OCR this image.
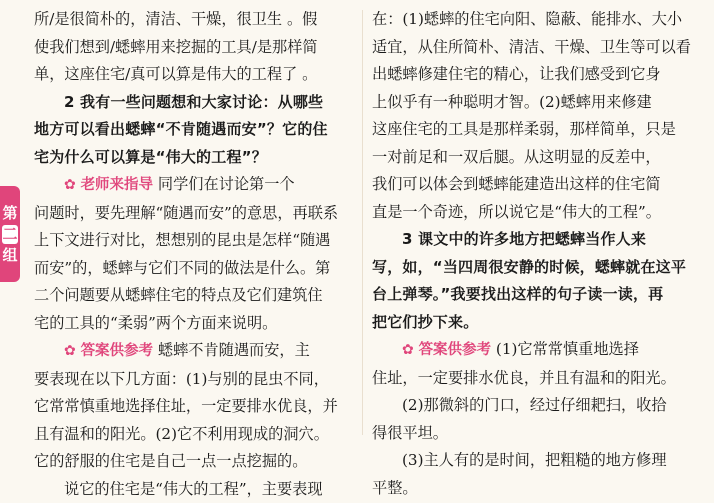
第
二
组
所/是很简朴的，清洁、干燥，很卫生 。假
使我们想到/蟋蟀用来挖掘的工具/是那样简
单，这座住宅/真可以算是伟大的工程了 。
2 我有一些问题想和大家讨论：从哪些
地方可以看出蟋蟀“不肯随遇而安”？它的住
宅为什么可以算是“伟大的工程”？
✿ 老师来指导 同学们在讨论第一个
问题时，要先理解“随遇而安”的意思，再联系
上下文进行对比，想想别的昆虫是怎样“随遇
而安”的，蟋蟀与它们不同的做法是什么。第
二个问题要从蟋蟀住宅的特点及它们建筑住
宅的工具的“柔弱”两个方面来说明。
✿ 答案供参考 蟋蟀不肯随遇而安，主
要表现在以下几方面：(1)与别的昆虫不同，
它常常慎重地选择住址，一定要排水优良，并
且有温和的阳光。(2)它不利用现成的洞穴。
它的舒服的住宅是自己一点一点挖掘的。
说它的住宅是“伟大的工程”，主要表现
在：(1)蟋蟀的住宅向阳、隐蔽、能排水、大小
适宜，从住所简朴、清洁、干燥、卫生等可以看
出蟋蟀修建住宅的精心，让我们感受到它身
上似乎有一种聪明才智。(2)蟋蟀用来修建
这座住宅的工具是那样柔弱，那样简单，只是
一对前足和一双后腿。从这明显的反差中，
我们可以体会到蟋蟀能建造出这样的住宅简
直是一个奇迹，所以说它是“伟大的工程”。
3 课文中的许多地方把蟋蟀当作人来
写，如，“当四周很安静的时候，蟋蟀就在这平
台上弹琴。”我要找出这样的句子读一读，再
把它们抄下来。
✿ 答案供参考 (1)它常常慎重地选择
住址，一定要排水优良，并且有温和的阳光。
(2)那微斜的门口，经过仔细耙扫，收拾
得很平坦。
(3)主人有的是时间，把粗糙的地方修理
平整。
